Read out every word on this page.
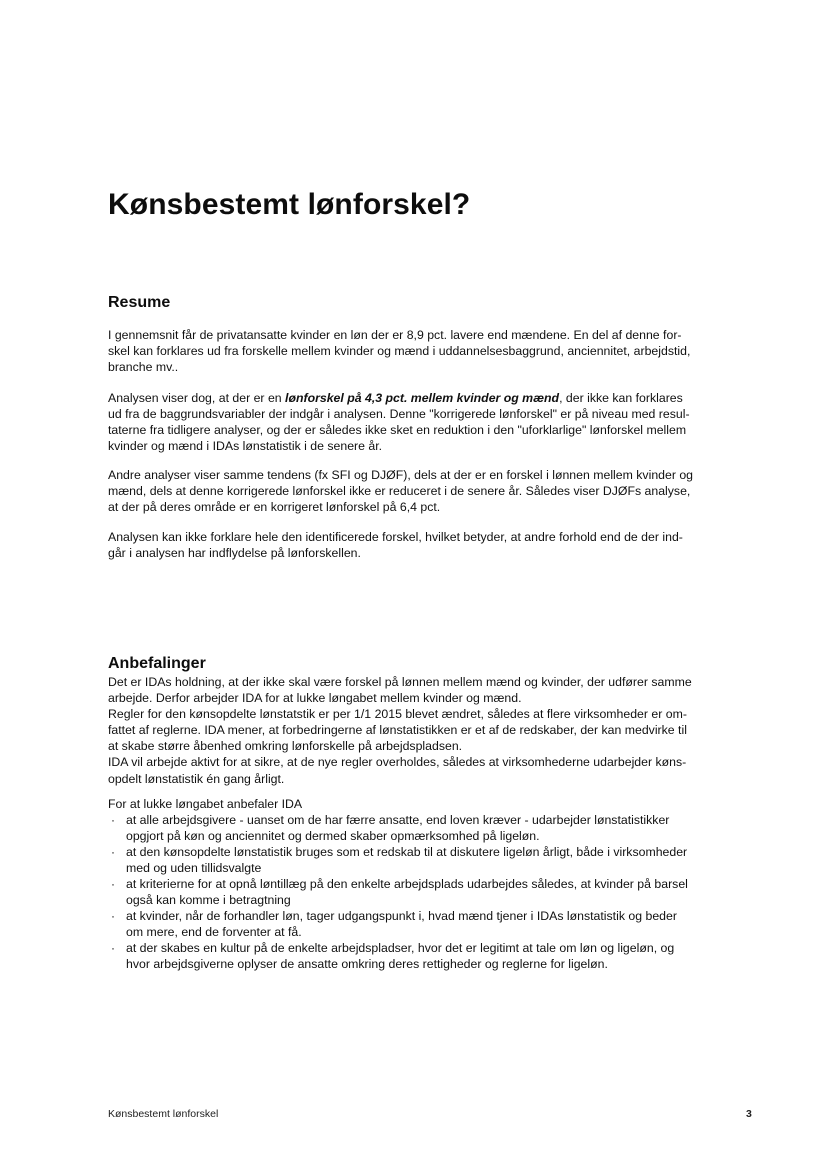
Kønsbestemt lønforskel?
Resume
I gennemsnit får de privatansatte kvinder en løn der er 8,9 pct. lavere end mændene. En del af denne for-
skel kan forklares ud fra forskelle mellem kvinder og mænd i uddannelsesbaggrund, anciennitet, arbejdstid,
branche mv..
Analysen viser dog, at der er en lønforskel på 4,3 pct. mellem kvinder og mænd, der ikke kan forklares
ud fra de baggrundsvariabler der indgår i analysen. Denne "korrigerede lønforskel" er på niveau med resul-
taterne fra tidligere analyser, og der er således ikke sket en reduktion i den "uforklarlige" lønforskel mellem
kvinder og mænd i IDAs lønstatistik i de senere år.
Andre analyser viser samme tendens (fx SFI og DJØF), dels at der er en forskel i lønnen mellem kvinder og
mænd, dels at denne korrigerede lønforskel ikke er reduceret i de senere år. Således viser DJØFs analyse,
at der på deres område er en korrigeret lønforskel på 6,4 pct.
Analysen kan ikke forklare hele den identificerede forskel, hvilket betyder, at andre forhold end de der ind-
går i analysen har indflydelse på lønforskellen.
Anbefalinger
Det er IDAs holdning, at der ikke skal være forskel på lønnen mellem mænd og kvinder, der udfører samme
arbejde. Derfor arbejder IDA for at lukke løngabet mellem kvinder og mænd.
Regler for den kønsopdelte lønstatstik er per 1/1 2015 blevet ændret, således at flere virksomheder er om-
fattet af reglerne. IDA mener, at forbedringerne af lønstatistikken er et af de redskaber, der kan medvirke til
at skabe større åbenhed omkring lønforskelle på arbejdspladsen.
IDA vil arbejde aktivt for at sikre, at de nye regler overholdes, således at virksomhederne udarbejder køns-
opdelt lønstatistik én gang årligt.
For at lukke løngabet anbefaler IDA
· at alle arbejdsgivere - uanset om de har færre ansatte, end loven kræver - udarbejder lønstatistikker
opgjort på køn og anciennitet og dermed skaber opmærksomhed på ligeløn.
· at den kønsopdelte lønstatistik bruges som et redskab til at diskutere ligeløn årligt, både i virksomheder
med og uden tillidsvalgte
· at kriterierne for at opnå løntillæg på den enkelte arbejdsplads udarbejdes således, at kvinder på barsel
også kan komme i betragtning
· at kvinder, når de forhandler løn, tager udgangspunkt i, hvad mænd tjener i IDAs lønstatistik og beder
om mere, end de forventer at få.
· at der skabes en kultur på de enkelte arbejdspladser, hvor det er legitimt at tale om løn og ligeløn, og
hvor arbejdsgiverne oplyser de ansatte omkring deres rettigheder og reglerne for ligeløn.
Kønsbestemt lønforskel	3
